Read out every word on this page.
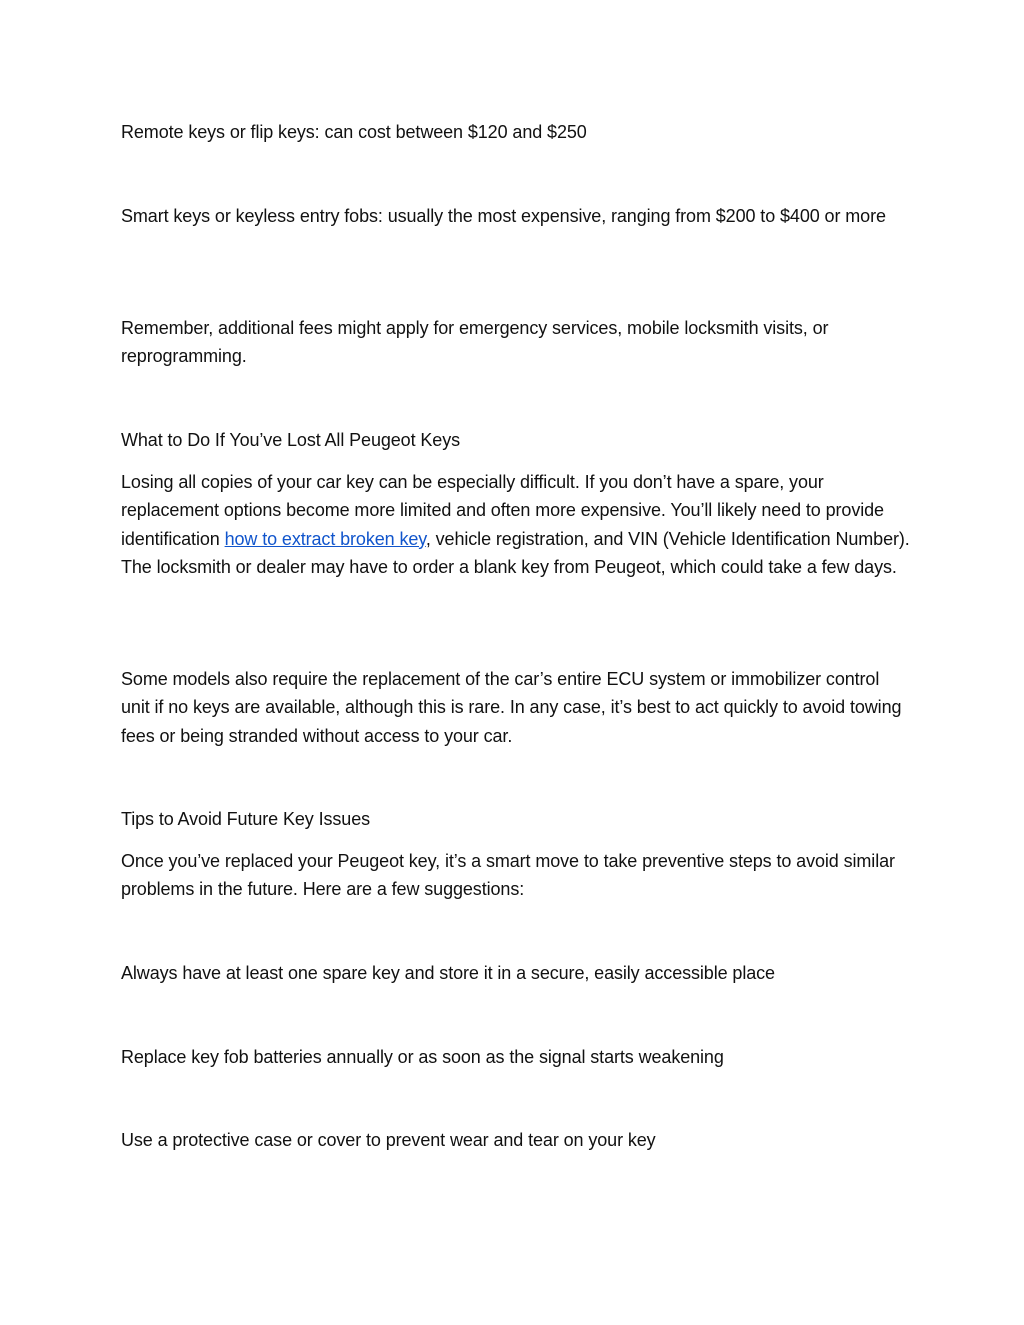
Remote keys or flip keys: can cost between $120 and $250

Smart keys or keyless entry fobs: usually the most expensive, ranging from $200 to $400 or more

Remember, additional fees might apply for emergency services, mobile locksmith visits, or reprogramming.

What to Do If You’ve Lost All Peugeot Keys

Losing all copies of your car key can be especially difficult. If you don’t have a spare, your replacement options become more limited and often more expensive. You’ll likely need to provide identification how to extract broken key, vehicle registration, and VIN (Vehicle Identification Number). The locksmith or dealer may have to order a blank key from Peugeot, which could take a few days.

Some models also require the replacement of the car’s entire ECU system or immobilizer control unit if no keys are available, although this is rare. In any case, it’s best to act quickly to avoid towing fees or being stranded without access to your car.

Tips to Avoid Future Key Issues

Once you’ve replaced your Peugeot key, it’s a smart move to take preventive steps to avoid similar problems in the future. Here are a few suggestions:

Always have at least one spare key and store it in a secure, easily accessible place

Replace key fob batteries annually or as soon as the signal starts weakening

Use a protective case or cover to prevent wear and tear on your key
